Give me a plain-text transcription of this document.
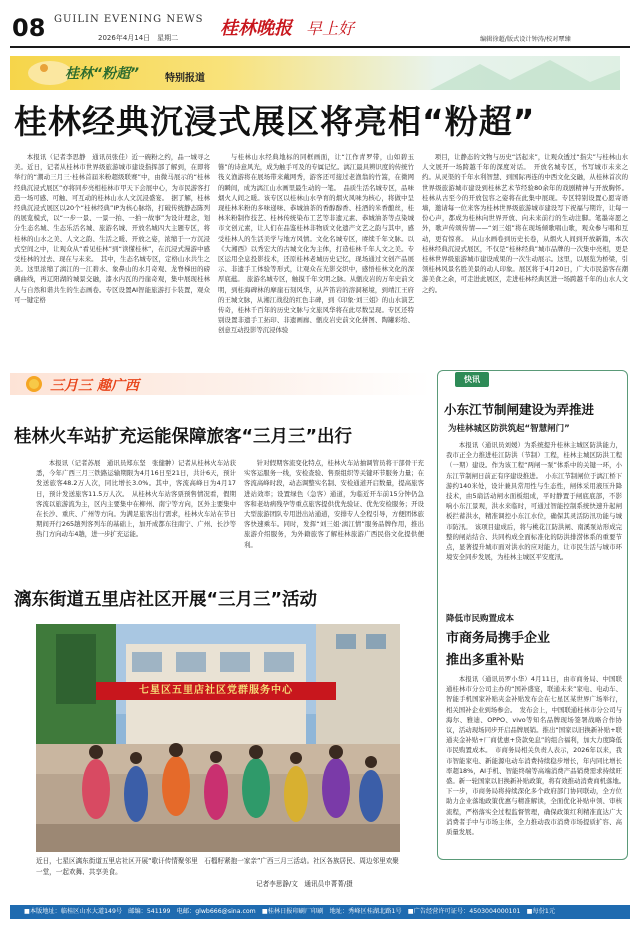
08 GUILIN EVENING NEWS
2026年4月14日　星期二 桂林晚报 早上好
编辑徐超/版式设计钟涛/校对覃臻
桂林“粉超”	特别报道
桂林经典沉浸式展区将亮相“粉超”

本报讯（记者李思静　通讯员张佳）近一碗粉之约，品一城寻之美。近日，记者从桂林市世界级旅游城市建设指挥部了解到，在即将举行的“潮动三月三·桂林首届米粉超级联赛”中，由微马展示的“桂林经典沉浸式展区”亦将同步亮相桂林市甲天下会展中心，为市民游客打造一场可感、可触、可互动的桂林山水人文沉浸盛宴。　据了解，桂林经典沉浸式展区以20个“桂林经典”IP为核心脉络，打破传统静态陈列的展览模式，以“一步一景、一景一拍、一拍一故事”为设计理念，划分生态名城、生态乐活名城、旅游名城、开放名城四大主题专区，将桂林的山水之美、人文之韵、生活之暖、开放之姿，浓缩于一方沉浸式空间之中，让观众从“看见桂林”到“读懂桂林”，在沉浸式漫游中感受桂林的过去、现在与未来。　其中，生态名城专区，定格山水共生之美。这里浓缩了漓江的一江碧水、象鼻山的水月奇观、龙脊梯田的磅礴曲线，再辽阳湖的城景交融，漆水内瓦的丹崖奇观，集中展现桂林人与自然和谐共生的生态画卷。专区设置AI智能旅游打卡装置，观众可一键定格

与桂林山水经典地标的同框画面，让“江作青罗带，山如碧玉簪”的诗意风光，成为触手可及的专属记忆。漓江最具辨识度的传统竹筏义渔游将在展场带来戴网秀，游客还可接过老渔翁的竹篙，在微网的瞬间，成为漓江山水画里最生动的一笔。　品质生活名城专区，品味烟火人间之暖。该专区以桂林山水孕育的烟火风味为核心，将做中呈现桂林米粉的多味递味、恭城油茶的香醇醇香、桂酒的米香酿丝，桂林米粉制作技艺、桂林传统染布工艺等非遗元素、恭城油茶等点染城市文创元素，让人们在品鉴桂林非物质文化遗产文艺之韵与其中，感受桂林人的生活美学与地方风情。文化名城专区，赓续千年文脉。以《大湘西》以秀宏大的古城文化为主体，打造桂林千年人文之美。专区运用全息投影技术，还原桂林老城历史记忆，现场通过文创产品展示、非遗手工体验等形式，让观众在光影交织中，感悟桂林文化的深厚底蕴。　旅游名城专区，触摸千年文明之脉。从甑皮岩的万年史前文明，到桂海碑林的摩崖石刻风华，从芦笛岩的溶洞秘境，到靖江王府的王城文脉，从湘江战役的红色丰碑，到《印象·刘三姐》的山水演艺传奇，桂林千百年的历史文脉与文旅风华将在此尽数呈现。专区还特别设置非遗手工拓印、非遗画廊、甑皮岩史前文化拼图、陶罐彩绘、创意互动投影等沉浸体验

项目，让静态的文物与历史“活起来”，让观众透过“指尖”与桂林山水人文展开一场跨越千年的深度对话。　开放名城专区，书写城市未来之约。从灵渠的千年水利智慧、到国际再连的中西文化交融，从桂林首次的世界级旅游城市建设到桂林艺术节经验80余年的戏剧精神与开放胸怀。桂林从古至今的开放包容之姿将在此集中展现。专区特别设置心愿寄语墙，邀请每一位来客为桂林世界级旅游城市建设写下祝福与期许，让每一份心声，都成为桂林向世界开放、向未来前行的生动注脚。笔墨寄愿之外，歌声传颂传情——“刘三姐”将在现场倾歌唱山歌，观众参与唱和互动，更有惊喜。　从山水画卷到历史长卷，从烟火人间到开放新篇，本次桂林经典沉浸式展区，不仅是“桂林经典”城市品牌的一次集中亮相，更是桂林世界级旅游城市建设成果的一次生动展示。这里，以展览为桥梁，引领桂林风景名胜美景的动人印象。展区将于4月20日，广大市民游客在潮游美食之余，可走进此展区，走进桂林经典区进一场跨越千年的山水人文之约。

三月三 趣广西
桂林火车站扩充运能保障旅客“三月三”出行

本报讯（记者苏展　通讯员郑东坚　张健翀）记者从桂林火车站获悉，今年广西三月三铁路运输期限为4月16日至21日，共计6天，预计发送旅客48.2万人次，同比增长3.0%。其中，客流高峰日为4月17日，预计发送旅客11.5万人次。　从桂林火车站客票预售情况看，假期客流以旅游流为主，区内主要集中在柳州、南宁等方向，区外主要集中在长沙、重庆、广州等方向。为满足旅客出行需求，桂林火车站在节日期间开行265趟列客列车的基础上，加开成都东往南宁、广州、长沙等热门方向动车4趟，进一步扩充运能。

针对假期客流变化特点，桂林火车站抽调管员将干部骨干充实客运服务一线，安检查验、售票组织等关键环节服务力量；在客流高峰时段，动态调整实名制、安检通道开启数量，提高旅客进站效率；设置绿色（急客）通道，为临近开车前15分钟仍急客和老幼病残孕等重点旅客提供优先验证、优先安检服务；开设大型旅游团队专用进出站通道，安排专人全程引导，方便团体旅客快速乘车。同时，发挥“刘三姐·漓江情”服务品牌作用，推出旅游介绍服务，为外籍旅客了解桂林旅游广西民俗文化提供便利。

漓东街道五里店社区开展“三月三”活动
七星区五里店社区党群服务中心
近日，七星区漓东街道五里店社区开展“歌讦传情聚邻里　石榴籽紧抱一家亲”广西三月三活动。社区各族居民、周边邻里欢聚一堂，一起欢舞、共享美食。
记者李思静/文　通讯员申菁菁/摄
快讯
小东江节制闸建设为弄推进
为桂林城区防洪筑起“智慧闸门”

本报讯（通讯员刘媛）为系统提升桂林主城区防洪能力，我市正全力推进桂江防洪（节制）工程，桂林主城区防洪工程（一期）建设。作为该工程“两闸一泵”体系中的关键一环，小东江节制闸日前正有序建设推进。　小东江节制闸位于漓江桥下游约140米处，设计兼具常用性与生态性，闸体采用液压升降技术，由5扇活动闸水面板组成，平时静置于闸底底部，不影响小东江景观，洪水来临时，可通过智能控制系统快速升起闸板拦蓄洪水，精准调控小东江水位，确保其灵活防汛功能与城市防汛。　该项目建成后，将与桃花江防洪闸、南溪泵站形成完整的闸站结合、共同构成全面标准化的防洪排涝体系的重要节点，显著提升城市面对洪水的应对能力，让市民生活与城市环境安全同步发展，为桂林主城区平安度汛。

降低市民购置成本
市商务局携手企业
推出多重补贴

本报讯（通讯员罗小华）4月11日，由市商务局、中国联通桂林市分公司主办的“国补盛宴，联通未来”家电、电动车、智能手机国家补贴夹金补贴发布会在七星区某世界广场举行，相关国补企业到场参会。　发布会上，中国联通桂林市分公司与海尔、雅迪、OPPO、vivo等知名品牌现场签署战略合作协议，活动现场同步开启品牌展销。推出“国家以旧换新补贴+联通夹金补贴+厂商优惠+贷款免息”的组合福利，加大力度降低市民购置成本。　市商务局相关负责人表示，2026年以来，我市智能家电、新能源电动车消费持续稳步增长，年内同比增长率超18%，AI手机、智能终端等高端消费产品销费需求持续旺盛。新一轮国家以旧换新补贴政策，将有效推动消费商机落地。　下一步，市商务局将持续深化多个政府部门协同联动，全方位助力企业落地政策优惠与精准解读，全面优化补贴申领、审核流程，严格落实全过程监督管理，确保政策红利精准直达广大消费者手中与市场主体，全力推动我市消费市场提质扩容、高质量发展。

■本版地址：临桂区山水大道149号　邮编：541199　电邮：glwb666@sina.com　■桂林日报印刷厂印刷　地址：秀峰区桂湖北路1号　■广告经营许可证号：4503004000101　■每份1元
